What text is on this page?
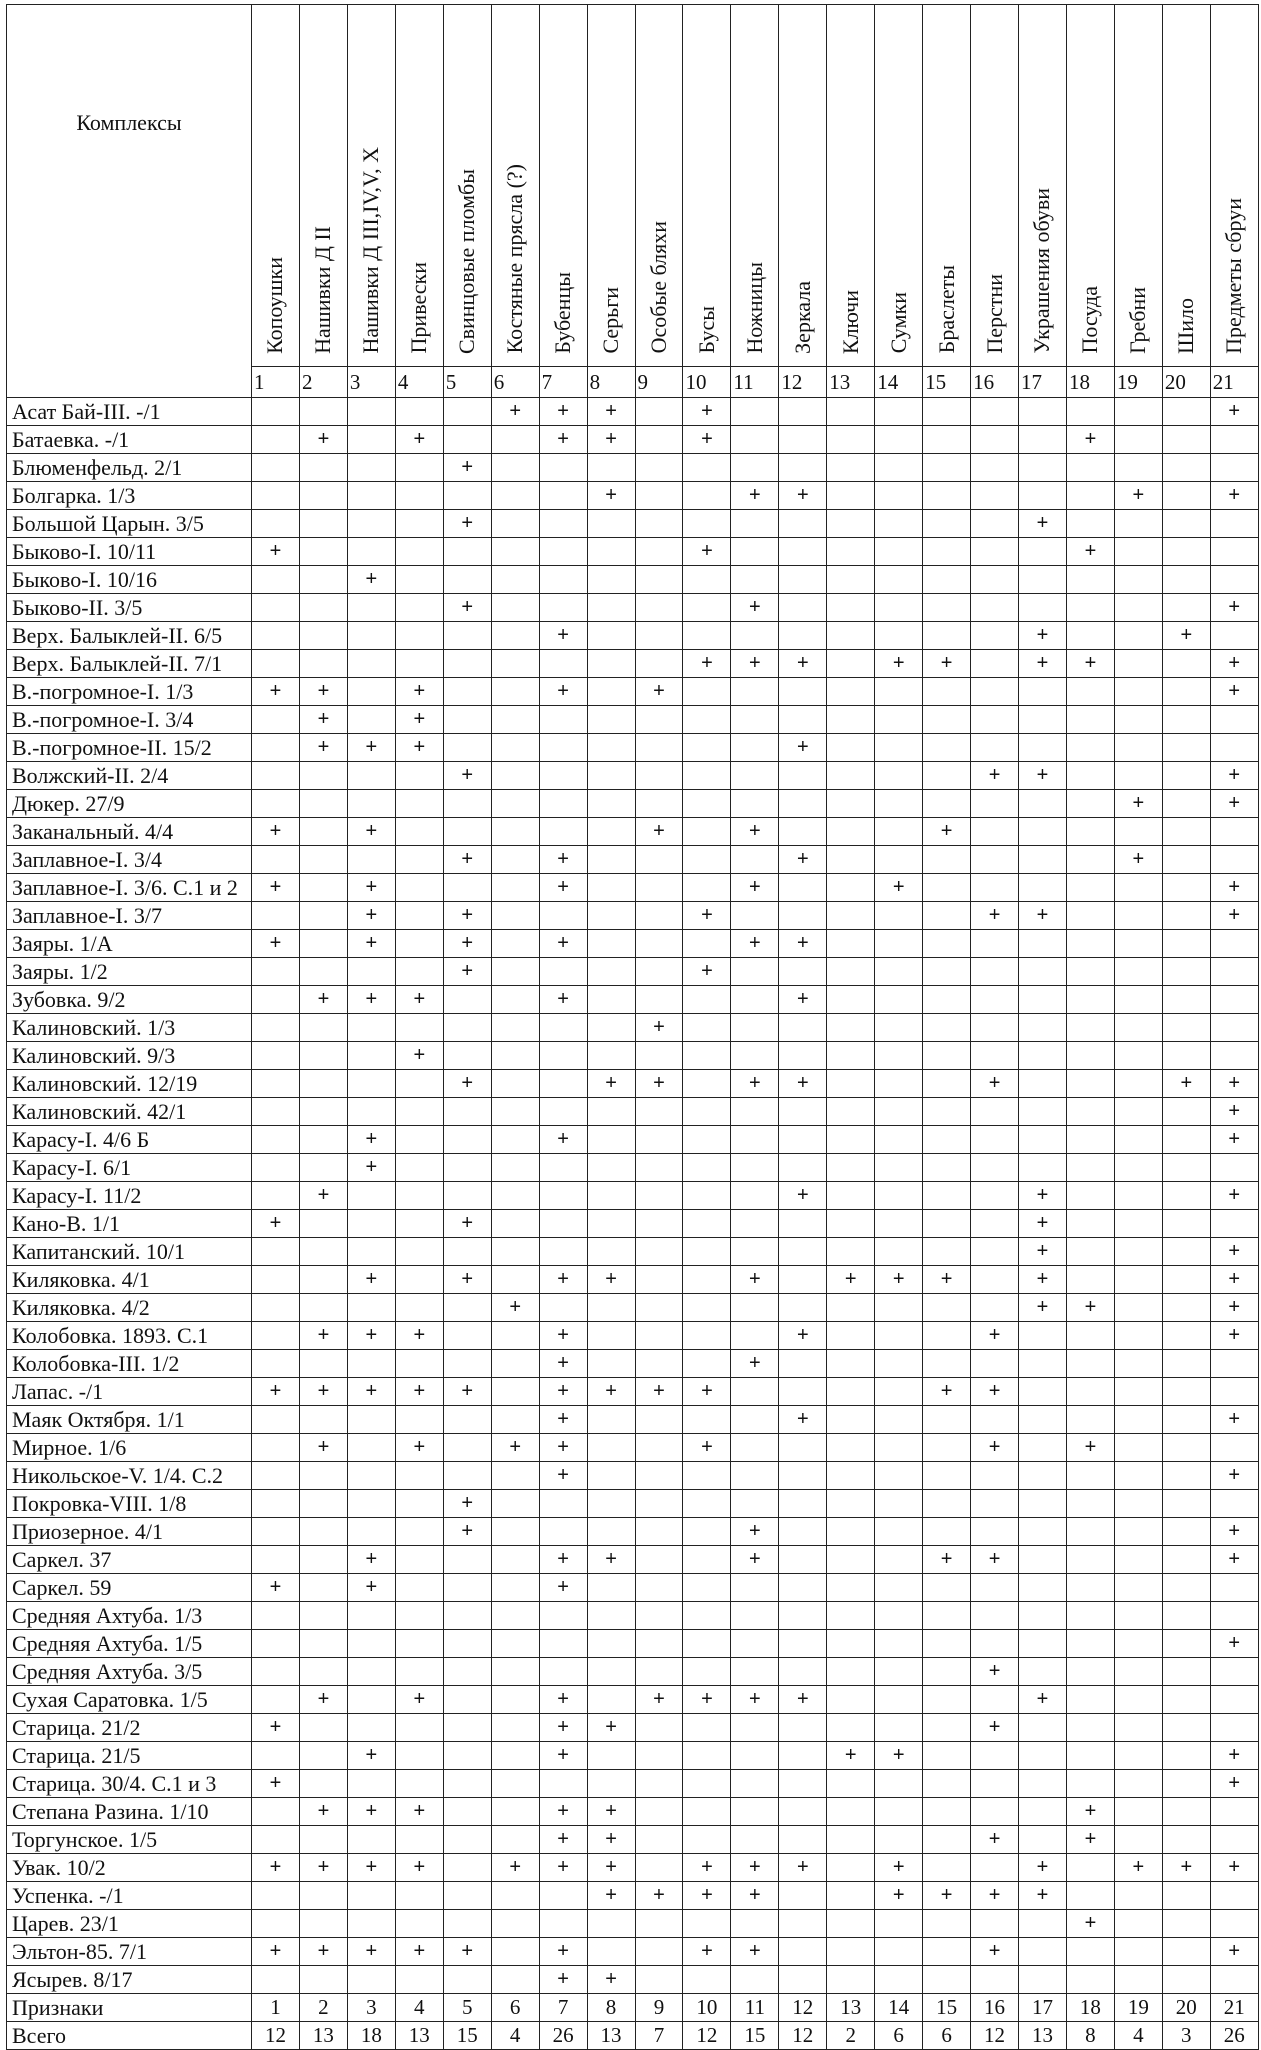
Комплексы	Копоушки	Нашивки Д II	Нашивки Д III,IV,V, X	Привески	Свинцовые пломбы	Костяные пряслa (?)	Бубенцы	Серьги	Особые бляхи	Бусы	Ножницы	Зеркала	Ключи	Сумки	Браслеты	Перстни	Украшения обуви	Посуда	Гребни	Шило	Предметы сбруи
	1	2	3	4	5	6	7	8	9	10	11	12	13	14	15	16	17	18	19	20	21
Асат Бай-III. -/1						+	+	+		+											+
Батаевка. -/1		+		+			+	+		+								+			
Блюменфельд. 2/1					+																
Болгарка. 1/3								+			+	+							+		+
Большой Царын. 3/5					+												+				
Быково-I. 10/11	+									+								+			
Быково-I. 10/16			+																		
Быково-II. 3/5					+						+										+
Верх. Балыклей-II. 6/5							+										+			+	
Верх. Балыклей-II. 7/1										+	+	+		+	+		+	+			+
В.-погромное-I. 1/3	+	+		+			+		+												+
В.-погромное-I. 3/4		+		+																	
В.-погромное-II. 15/2		+	+	+								+									
Волжский-II. 2/4					+											+	+				+
Дюкер. 27/9																			+		+
Заканальный. 4/4	+		+						+		+				+						
Заплавное-I. 3/4					+		+					+							+		
Заплавное-I. 3/6. С.1 и 2	+		+				+				+			+							+
Заплавное-I. 3/7			+		+					+						+	+				+
Заяры. 1/А	+		+		+		+				+	+									
Заяры. 1/2					+					+											
Зубовка. 9/2		+	+	+			+					+									
Калиновский. 1/3									+												
Калиновский. 9/3				+																	
Калиновский. 12/19					+			+	+		+	+				+				+	+
Калиновский. 42/1																					+
Карасу-I. 4/6 Б			+				+														+
Карасу-I. 6/1			+																		
Карасу-I. 11/2		+										+					+				+
Кано-В. 1/1	+				+												+				
Капитанский. 10/1																	+				+
Киляковка. 4/1			+		+		+	+			+		+	+	+		+				+
Киляковка. 4/2						+											+	+			+
Колобовка. 1893. С.1		+	+	+			+					+				+					+
Колобовка-III. 1/2							+				+										
Лапас. -/1	+	+	+	+	+		+	+	+	+					+	+					
Маяк Октября. 1/1							+					+									+
Мирное. 1/6		+		+		+	+			+						+		+			
Никольское-V. 1/4. С.2							+														+
Покровка-VIII. 1/8					+																
Приозерное. 4/1					+						+										+
Саркел. 37			+				+	+			+				+	+					+
Саркел. 59	+		+				+														
Средняя Ахтуба. 1/3																					
Средняя Ахтуба. 1/5																					+
Средняя Ахтуба. 3/5																+					
Сухая Саратовка. 1/5		+		+			+		+	+	+	+					+				
Старица. 21/2	+						+	+								+					
Старица. 21/5			+				+						+	+							+
Старица. 30/4. С.1 и 3	+																				+
Степана Разина. 1/10		+	+	+			+	+										+			
Торгунское. 1/5							+	+								+		+			
Увак. 10/2	+	+	+	+		+	+	+		+	+	+		+			+		+	+	+
Успенка. -/1								+	+	+	+			+	+	+	+				
Царев. 23/1																		+			
Эльтон-85. 7/1	+	+	+	+	+		+			+	+					+					+
Ясырев. 8/17							+	+													
Признаки	1	2	3	4	5	6	7	8	9	10	11	12	13	14	15	16	17	18	19	20	21
Всего	12	13	18	13	15	4	26	13	7	12	15	12	2	6	6	12	13	8	4	3	26
